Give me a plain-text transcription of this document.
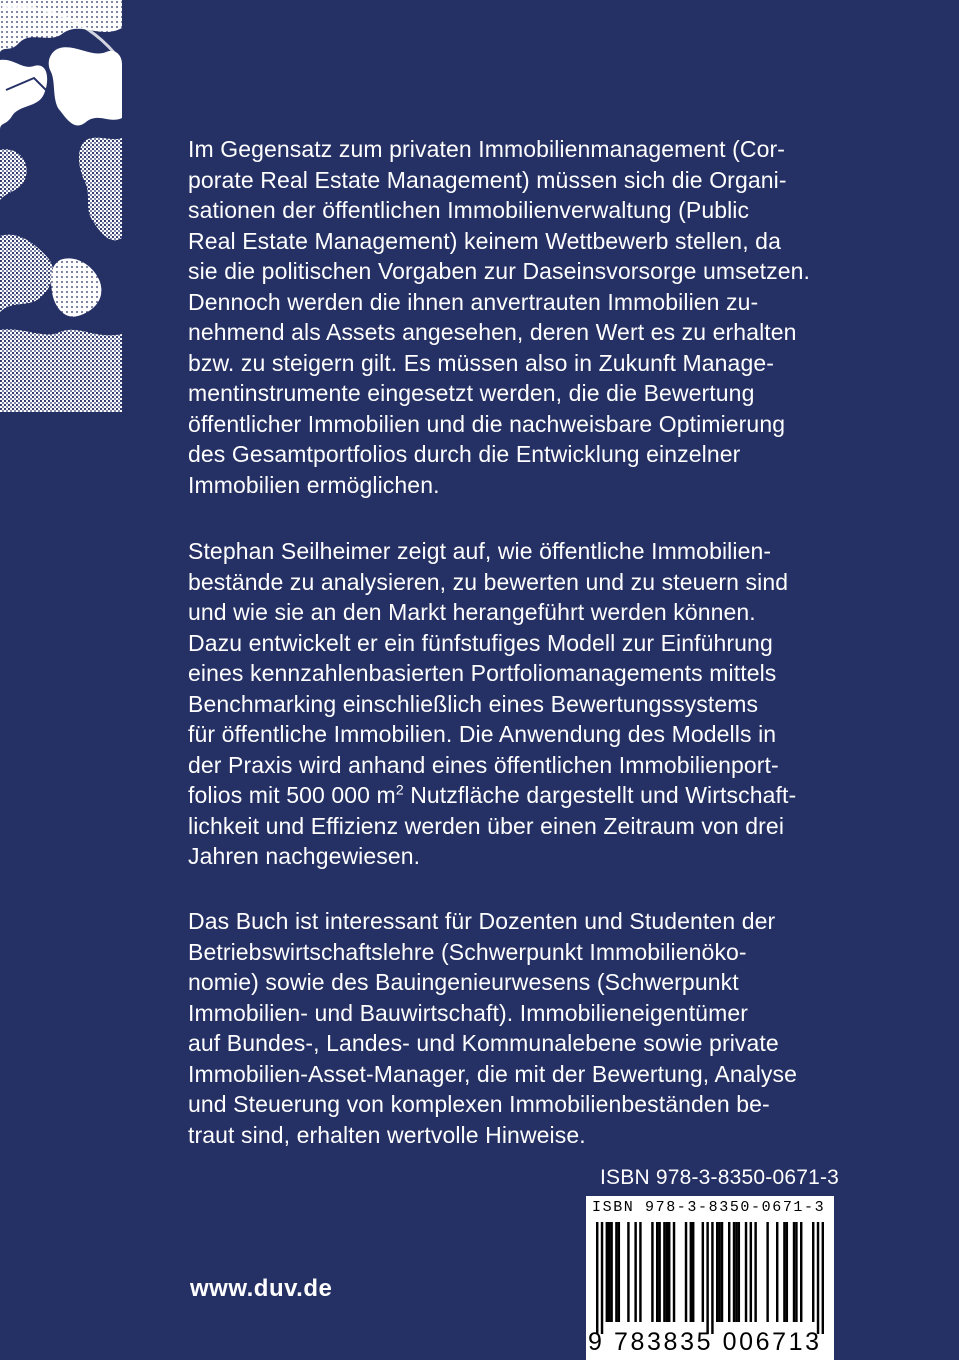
Im Gegensatz zum privaten Immobilienmanagement (Cor-
porate Real Estate Management) müssen sich die Organi-
sationen der öffentlichen Immobilienverwaltung (Public
Real Estate Management) keinem Wettbewerb stellen, da
sie die politischen Vorgaben zur Daseinsvorsorge umsetzen.
Dennoch werden die ihnen anvertrauten Immobilien zu-
nehmend als Assets angesehen, deren Wert es zu erhalten
bzw. zu steigern gilt. Es müssen also in Zukunft Manage-
mentinstrumente eingesetzt werden, die die Bewertung
öffentlicher Immobilien und die nachweisbare Optimierung
des Gesamtportfolios durch die Entwicklung einzelner
Immobilien ermöglichen.

Stephan Seilheimer zeigt auf, wie öffentliche Immobilien-
bestände zu analysieren, zu bewerten und zu steuern sind
und wie sie an den Markt herangeführt werden können.
Dazu entwickelt er ein fünfstufiges Modell zur Einführung
eines kennzahlenbasierten Portfoliomanagements mittels
Benchmarking einschließlich eines Bewertungssystems
für öffentliche Immobilien. Die Anwendung des Modells in
der Praxis wird anhand eines öffentlichen Immobilienport-
folios mit 500 000 $m^2$ Nutzfläche dargestellt und Wirtschaft-
lichkeit und Effizienz werden über einen Zeitraum von drei
Jahren nachgewiesen.

Das Buch ist interessant für Dozenten und Studenten der
Betriebswirtschaftslehre (Schwerpunkt Immobilienöko-
nomie) sowie des Bauingenieurwesens (Schwerpunkt
Immobilien- und Bauwirtschaft). Immobilieneigentümer
auf Bundes-, Landes- und Kommunalebene sowie private
Immobilien-Asset-Manager, die mit der Bewertung, Analyse
und Steuerung von komplexen Immobilienbeständen be-
traut sind, erhalten wertvolle Hinweise.

ISBN 978-3-8350-0671-3
ISBN 978-3-8350-0671-3
9 783835 006713
www.duv.de
